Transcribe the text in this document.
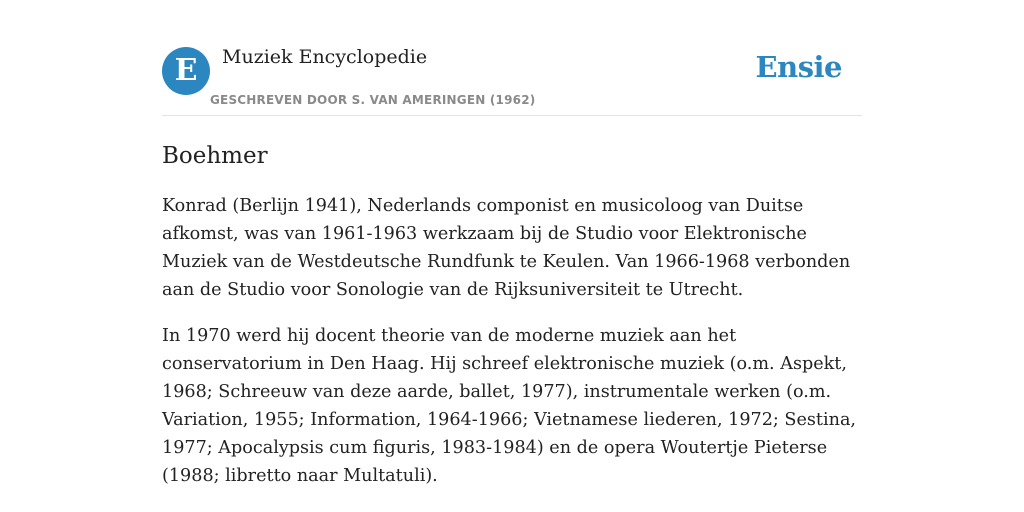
E	Muziek Encyclopedie
GESCHREVEN DOOR S. VAN AMERINGEN (1962)
Ensie
Boehmer

Konrad (Berlijn 1941), Nederlands componist en musicoloog van Duitse afkomst, was van 1961-1963 werkzaam bij de Studio voor Elektronische Muziek van de Westdeutsche Rundfunk te Keulen. Van 1966-1968 verbonden aan de Studio voor Sonologie van de Rijksuniversiteit te Utrecht.

In 1970 werd hij docent theorie van de moderne muziek aan het conservatorium in Den Haag. Hij schreef elektronische muziek (o.m. Aspekt, 1968; Schreeuw van deze aarde, ballet, 1977), instrumentale werken (o.m. Variation, 1955; Information, 1964-1966; Vietnamese liederen, 1972; Sestina, 1977; Apocalypsis cum figuris, 1983-1984) en de opera Woutertje Pieterse (1988; libretto naar Multatuli).
